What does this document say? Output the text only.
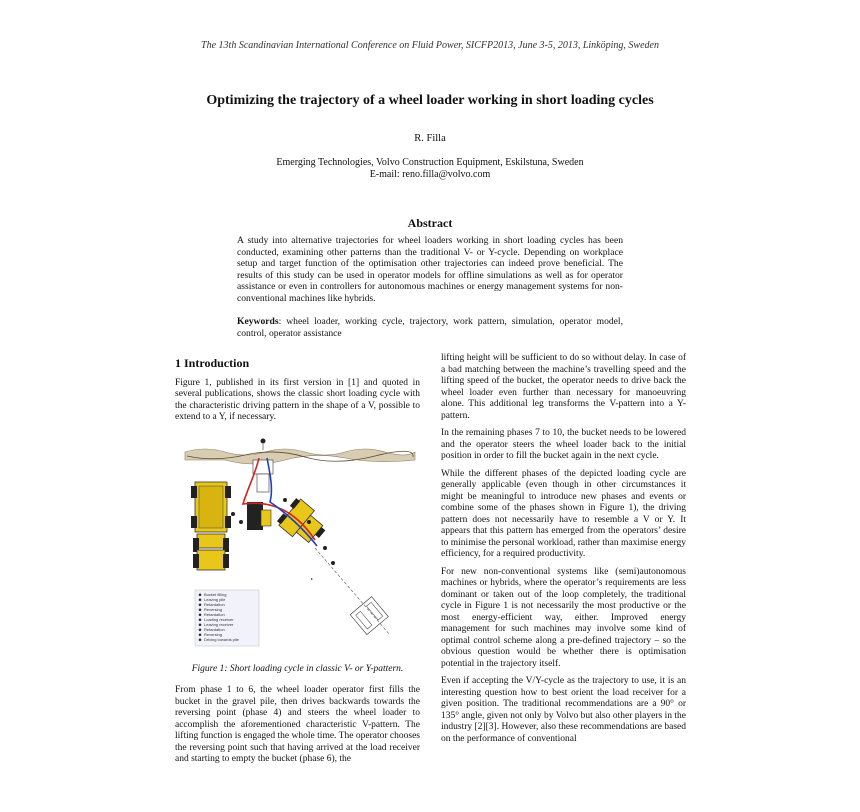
The 13th Scandinavian International Conference on Fluid Power, SICFP2013, June 3-5, 2013, Linköping, Sweden
Optimizing the trajectory of a wheel loader working in short loading cycles
R. Filla
Emerging Technologies, Volvo Construction Equipment, Eskilstuna, Sweden
E-mail: reno.filla@volvo.com
Abstract
A study into alternative trajectories for wheel loaders working in short loading cycles has been conducted, examining other patterns than the traditional V- or Y-cycle. Depending on workplace setup and target function of the optimisation other trajectories can indeed prove beneficial. The results of this study can be used in operator models for offline simulations as well as for operator assistance or even in controllers for autonomous machines or energy management systems for non-conventional machines like hybrids.
Keywords: wheel loader, working cycle, trajectory, work pattern, simulation, operator model, control, operator assistance
1 Introduction

Figure 1, published in its first version in [1] and quoted in several publications, shows the classic short loading cycle with the characteristic driving pattern in the shape of a V, possible to extend to a Y, if necessary.

▸
Bucket filling
Leaving pile
Retardation
Reversing
Retardation
Loading receiver
Leaving receiver
Retardation
Reversing
Driving towards pile
Figure 1: Short loading cycle in classic V- or Y-pattern.

From phase 1 to 6, the wheel loader operator first fills the bucket in the gravel pile, then drives backwards towards the reversing point (phase 4) and steers the wheel loader to accomplish the aforementioned characteristic V-pattern. The lifting function is engaged the whole time. The operator chooses the reversing point such that having arrived at the load receiver and starting to empty the bucket (phase 6), the

lifting height will be sufficient to do so without delay. In case of a bad matching between the machine’s travelling speed and the lifting speed of the bucket, the operator needs to drive back the wheel loader even further than necessary for manoeuvring alone. This additional leg transforms the V-pattern into a Y-pattern.

In the remaining phases 7 to 10, the bucket needs to be lowered and the operator steers the wheel loader back to the initial position in order to fill the bucket again in the next cycle.

While the different phases of the depicted loading cycle are generally applicable (even though in other circumstances it might be meaningful to introduce new phases and events or combine some of the phases shown in Figure 1), the driving pattern does not necessarily have to resemble a V or Y. It appears that this pattern has emerged from the operators’ desire to minimise the personal workload, rather than maximise energy efficiency, for a required productivity.

For new non-conventional systems like (semi)autonomous machines or hybrids, where the operator’s requirements are less dominant or taken out of the loop completely, the traditional cycle in Figure 1 is not necessarily the most productive or the most energy-efficient way, either. Improved energy management for such machines may involve some kind of optimal control scheme along a pre-defined trajectory – so the obvious question would be whether there is optimisation potential in the trajectory itself.

Even if accepting the V/Y-cycle as the trajectory to use, it is an interesting question how to best orient the load receiver for a given position. The traditional recommendations are a 90° or 135° angle, given not only by Volvo but also other players in the industry [2][3]. However, also these recommendations are based on the performance of conventional
